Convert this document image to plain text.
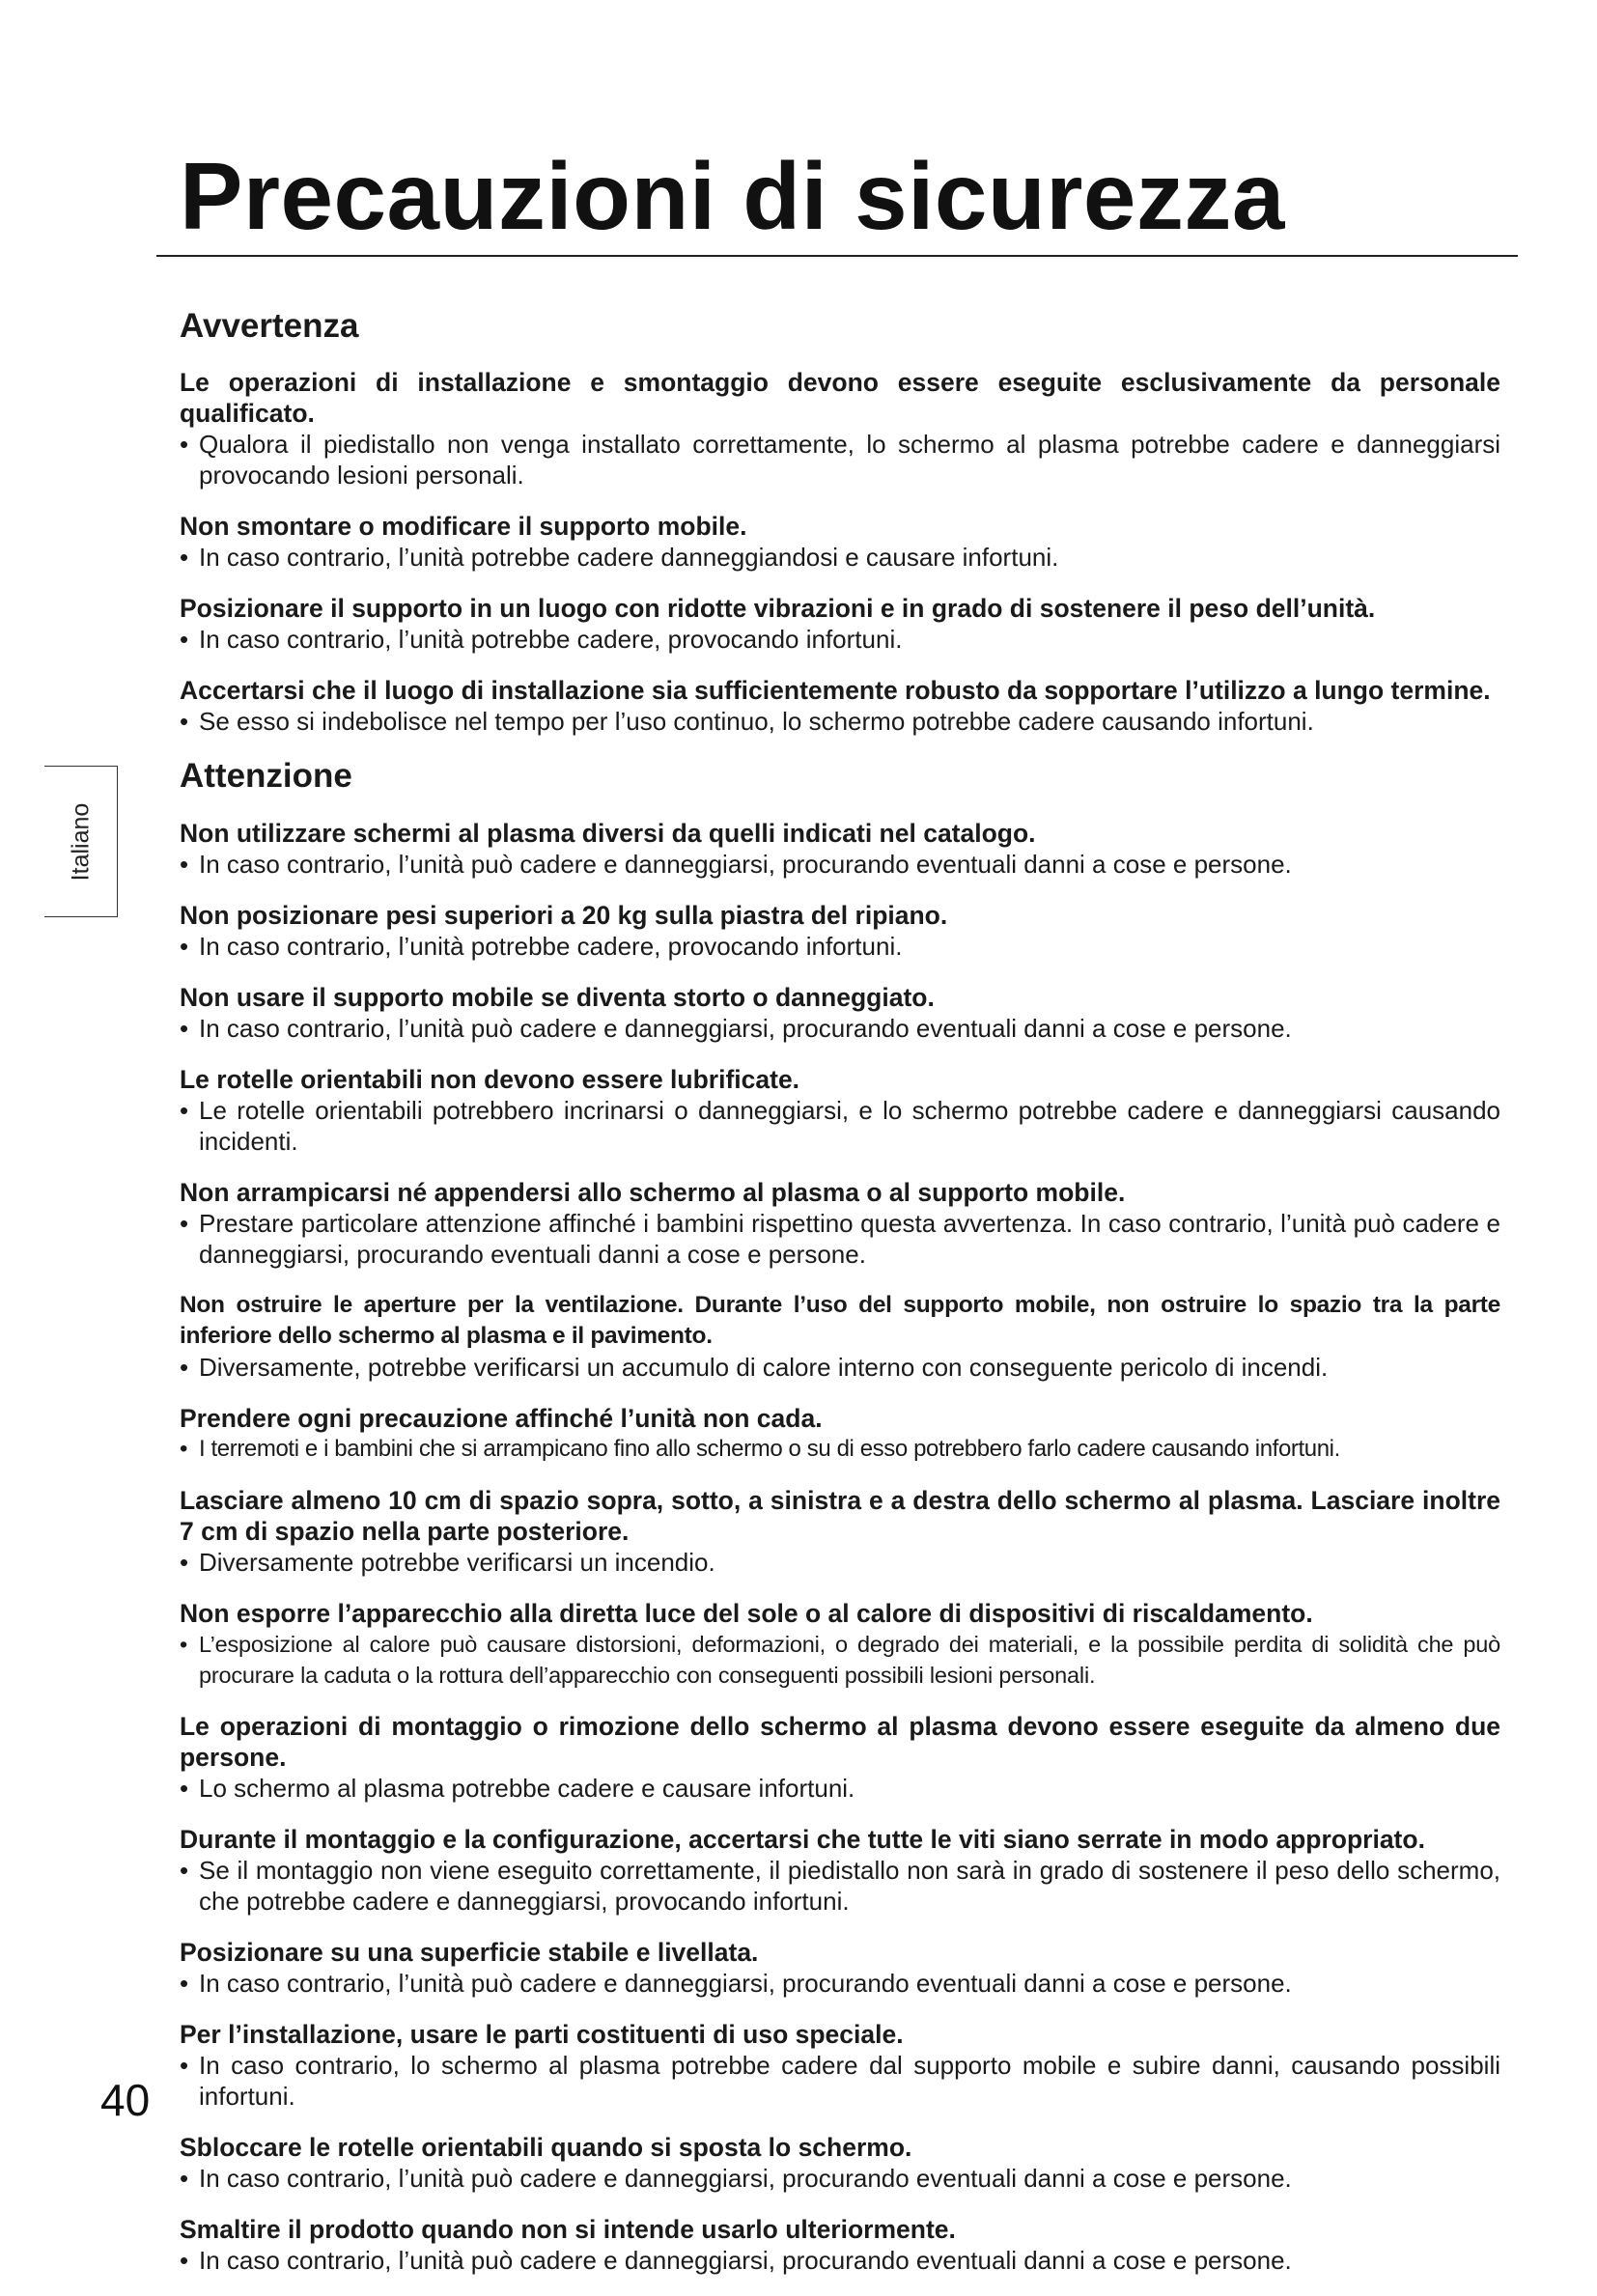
Precauzioni di sicurezza
Italiano
Avvertenza

Le operazioni di installazione e smontaggio devono essere eseguite esclusivamente da personale qualificato.

• Qualora il piedistallo non venga installato correttamente, lo schermo al plasma potrebbe cadere e danneggiarsi provocando lesioni personali.

Non smontare o modificare il supporto mobile.

• In caso contrario, l’unità potrebbe cadere danneggiandosi e causare infortuni.

Posizionare il supporto in un luogo con ridotte vibrazioni e in grado di sostenere il peso dell’unità.

• In caso contrario, l’unità potrebbe cadere, provocando infortuni.

Accertarsi che il luogo di installazione sia sufficientemente robusto da sopportare l’utilizzo a lungo termine.

• Se esso si indebolisce nel tempo per l’uso continuo, lo schermo potrebbe cadere causando infortuni.

Attenzione

Non utilizzare schermi al plasma diversi da quelli indicati nel catalogo.

• In caso contrario, l’unità può cadere e danneggiarsi, procurando eventuali danni a cose e persone.

Non posizionare pesi superiori a 20 kg sulla piastra del ripiano.

• In caso contrario, l’unità potrebbe cadere, provocando infortuni.

Non usare il supporto mobile se diventa storto o danneggiato.

• In caso contrario, l’unità può cadere e danneggiarsi, procurando eventuali danni a cose e persone.

Le rotelle orientabili non devono essere lubrificate.

• Le rotelle orientabili potrebbero incrinarsi o danneggiarsi, e lo schermo potrebbe cadere e danneggiarsi causando incidenti.

Non arrampicarsi né appendersi allo schermo al plasma o al supporto mobile.

• Prestare particolare attenzione affinché i bambini rispettino questa avvertenza. In caso contrario, l’unità può cadere e danneggiarsi, procurando eventuali danni a cose e persone.

Non ostruire le aperture per la ventilazione. Durante l’uso del supporto mobile, non ostruire lo spazio tra la parte inferiore dello schermo al plasma e il pavimento.

• Diversamente, potrebbe verificarsi un accumulo di calore interno con conseguente pericolo di incendi.

Prendere ogni precauzione affinché l’unità non cada.

• I terremoti e i bambini che si arrampicano fino allo schermo o su di esso potrebbero farlo cadere causando infortuni.

Lasciare almeno 10 cm di spazio sopra, sotto, a sinistra e a destra dello schermo al plasma. Lasciare inoltre 7 cm di spazio nella parte posteriore.

• Diversamente potrebbe verificarsi un incendio.

Non esporre l’apparecchio alla diretta luce del sole o al calore di dispositivi di riscaldamento.

• L’esposizione al calore può causare distorsioni, deformazioni, o degrado dei materiali, e la possibile perdita di solidità che può procurare la caduta o la rottura dell’apparecchio con conseguenti possibili lesioni personali.

Le operazioni di montaggio o rimozione dello schermo al plasma devono essere eseguite da almeno due persone.

• Lo schermo al plasma potrebbe cadere e causare infortuni.

Durante il montaggio e la configurazione, accertarsi che tutte le viti siano serrate in modo appropriato.

• Se il montaggio non viene eseguito correttamente, il piedistallo non sarà in grado di sostenere il peso dello schermo, che potrebbe cadere e danneggiarsi, provocando infortuni.

Posizionare su una superficie stabile e livellata.

• In caso contrario, l’unità può cadere e danneggiarsi, procurando eventuali danni a cose e persone.

Per l’installazione, usare le parti costituenti di uso speciale.

• In caso contrario, lo schermo al plasma potrebbe cadere dal supporto mobile e subire danni, causando possibili infortuni.

Sbloccare le rotelle orientabili quando si sposta lo schermo.

• In caso contrario, l’unità può cadere e danneggiarsi, procurando eventuali danni a cose e persone.

Smaltire il prodotto quando non si intende usarlo ulteriormente.

• In caso contrario, l’unità può cadere e danneggiarsi, procurando eventuali danni a cose e persone.

40
